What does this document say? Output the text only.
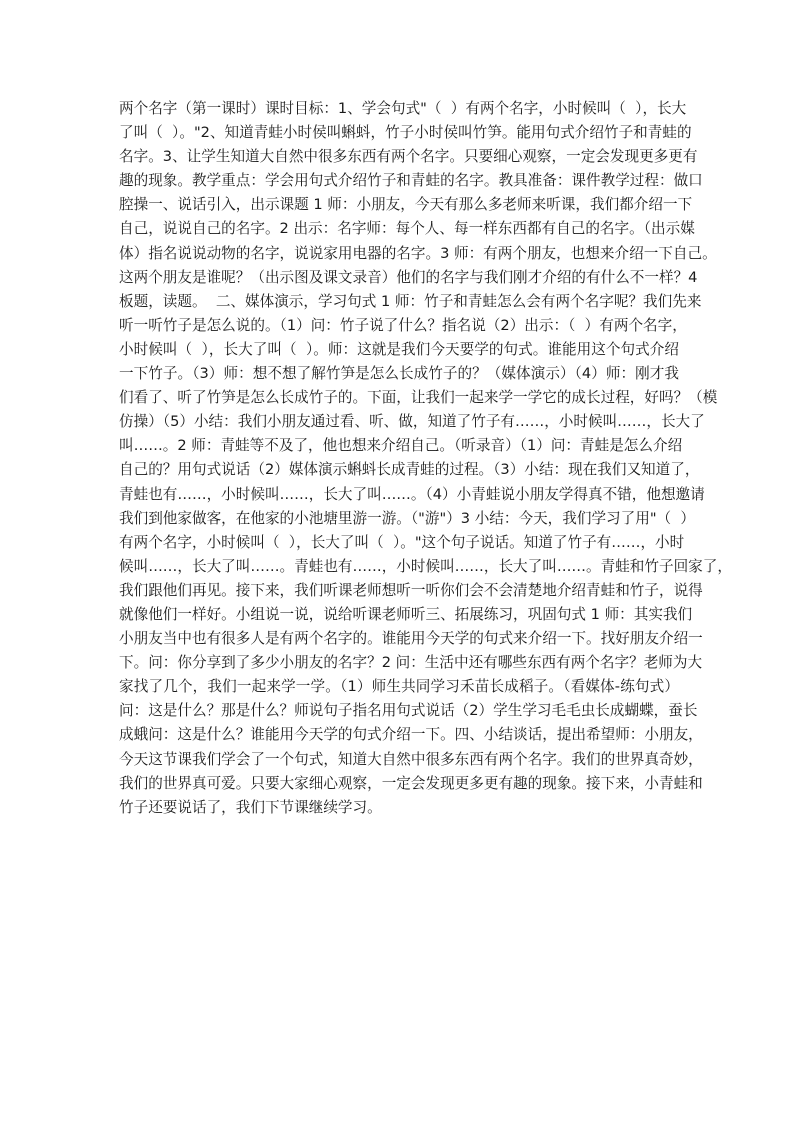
两个名字（第一课时）课时目标：1、学会句式"（  ）有两个名字，小时候叫（  ），长大
了叫（  ）。"2、知道青蛙小时侯叫蝌蚪，竹子小时侯叫竹笋。能用句式介绍竹子和青蛙的
名字。3、让学生知道大自然中很多东西有两个名字。只要细心观察，一定会发现更多更有
趣的现象。教学重点：学会用句式介绍竹子和青蛙的名字。教具准备：课件教学过程：做口
腔操一、说话引入，出示课题 1 师：小朋友，今天有那么多老师来听课，我们都介绍一下
自己，说说自己的名字。2 出示：名字师：每个人、每一样东西都有自己的名字。（出示媒
体）指名说说动物的名字，说说家用电器的名字。3 师：有两个朋友，也想来介绍一下自己。
这两个朋友是谁呢？（出示图及课文录音）他们的名字与我们刚才介绍的有什么不一样？4
板题，读题。  二、媒体演示，学习句式 1 师：竹子和青蛙怎么会有两个名字呢？我们先来
听一听竹子是怎么说的。（1）问：竹子说了什么？指名说（2）出示：（  ）有两个名字，
小时候叫（  ），长大了叫（  ）。师：这就是我们今天要学的句式。谁能用这个句式介绍
一下竹子。（3）师：想不想了解竹笋是怎么长成竹子的？（媒体演示）（4）师：刚才我
们看了、听了竹笋是怎么长成竹子的。下面，让我们一起来学一学它的成长过程，好吗？（模
仿操）（5）小结：我们小朋友通过看、听、做，知道了竹子有……，小时候叫……，长大了
叫……。2 师：青蛙等不及了，他也想来介绍自己。（听录音）（1）问：青蛙是怎么介绍
自己的？用句式说话（2）媒体演示蝌蚪长成青蛙的过程。（3）小结：现在我们又知道了，
青蛙也有……，小时候叫……，长大了叫……。（4）小青蛙说小朋友学得真不错，他想邀请
我们到他家做客，在他家的小池塘里游一游。（"游"）3 小结：今天，我们学习了用"（  ）
有两个名字，小时候叫（  ），长大了叫（  ）。"这个句子说话。知道了竹子有……，小时
候叫……，长大了叫……。青蛙也有……，小时候叫……，长大了叫……。青蛙和竹子回家了，
我们跟他们再见。接下来，我们听课老师想听一听你们会不会清楚地介绍青蛙和竹子，说得
就像他们一样好。小组说一说，说给听课老师听三、拓展练习，巩固句式 1 师：其实我们
小朋友当中也有很多人是有两个名字的。谁能用今天学的句式来介绍一下。找好朋友介绍一
下。问：你分享到了多少小朋友的名字？2 问：生活中还有哪些东西有两个名字？老师为大
家找了几个，我们一起来学一学。（1）师生共同学习禾苗长成稻子。（看媒体-练句式）
问：这是什么？那是什么？师说句子指名用句式说话（2）学生学习毛毛虫长成蝴蝶，蚕长
成蛾问：这是什么？谁能用今天学的句式介绍一下。四、小结谈话，提出希望师：小朋友，
今天这节课我们学会了一个句式，知道大自然中很多东西有两个名字。我们的世界真奇妙，
我们的世界真可爱。只要大家细心观察，一定会发现更多更有趣的现象。接下来，小青蛙和
竹子还要说话了，我们下节课继续学习。
